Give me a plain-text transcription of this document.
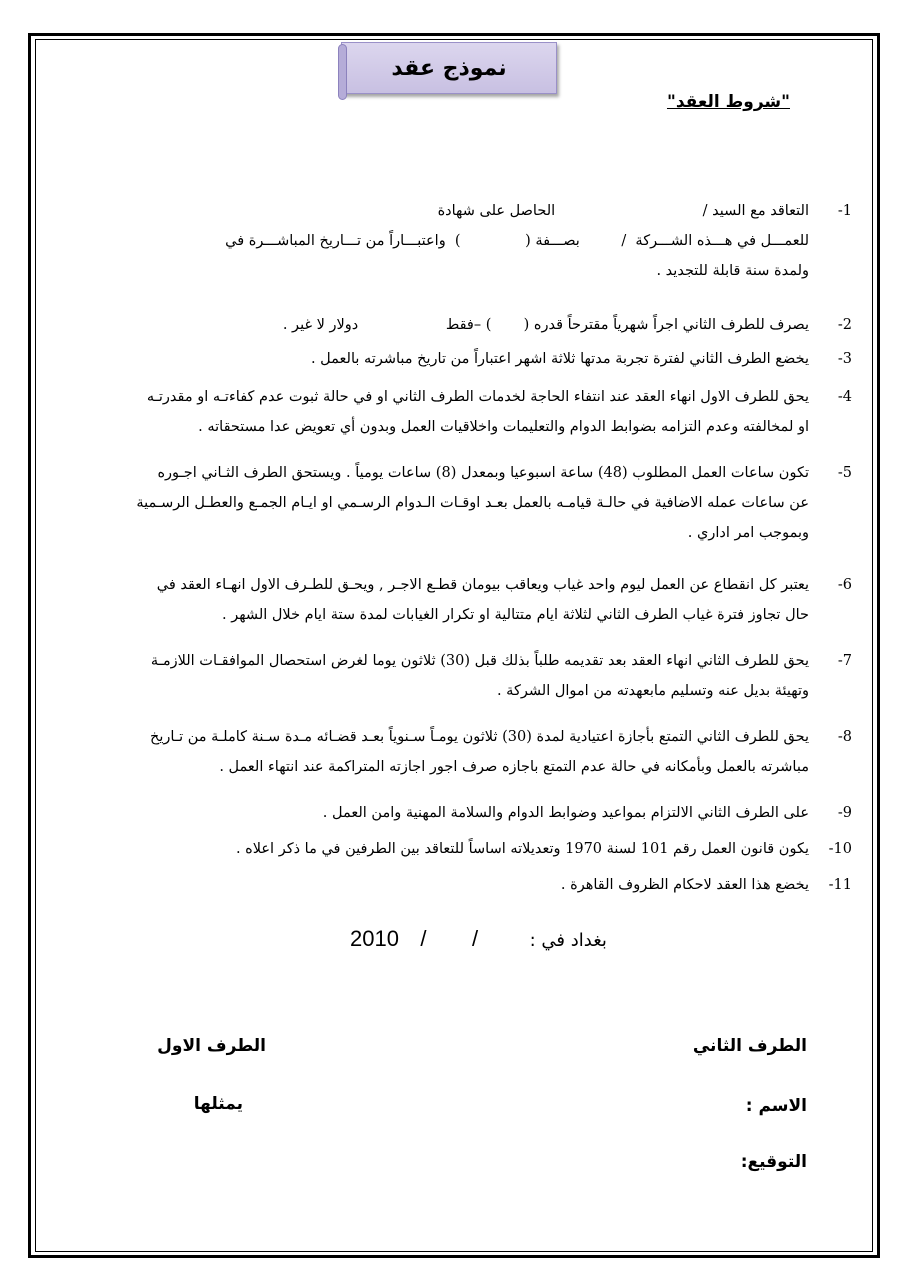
نموذج عقد
"شروط العقد"
-1
التعاقد مع السيد /                                الحاصل على شهادة
للعمـــل في هـــذه الشـــركة  /         بصـــفة (              )  واعتبـــاراً من تـــاريخ المباشـــرة في
ولمدة سنة قابلة للتجديد .
-2
يصرف للطرف الثاني اجراً شهرياً مقترحاً قدره (       ) –فقط                   دولار لا غير .
-3
يخضع الطرف الثاني لفترة تجربة مدتها ثلاثة اشهر اعتباراً من تاريخ مباشرته بالعمل .
-4
يحق للطرف الاول انهاء العقد عند انتفاء الحاجة لخدمات الطرف الثاني او في حالة ثبوت عدم كفاءتـه او مقدرتـه
او لمخالفته وعدم التزامه بضوابط الدوام والتعليمات واخلاقيات العمل وبدون أي تعويض عدا مستحقاته .
-5
تكون ساعات العمل المطلوب (48) ساعة اسبوعيا وبمعدل (8) ساعات يومياً . ويستحق الطرف الثـاني اجـوره
عن ساعات عمله الاضافية في حالـة قيامـه بالعمل بعـد اوقـات الـدوام الرسـمي او ايـام الجمـع والعطـل الرسـمية
وبموجب امر اداري .
-6
يعتبر كل انقطاع عن العمل ليوم واحد غياب ويعاقب بيومان قطـع الاجـر , ويحـق للطـرف الاول انهـاء العقد في
حال تجاوز فترة غياب الطرف الثاني لثلاثة ايام متتالية او تكرار الغيابات لمدة ستة ايام خلال الشهر .
-7
يحق للطرف الثاني انهاء العقد بعد تقديمه طلباً بذلك قبل (30) ثلاثون يوما لغرض استحصال الموافقـات اللازمـة
وتهيئة بديل عنه وتسليم مابعهدته من اموال الشركة .
-8
يحق للطرف الثاني التمتع بأجازة اعتيادية لمدة (30) ثلاثون يومـاً سـنوياً بعـد قضـائه مـدة سـنة كاملـة من تـاريخ
مباشرته بالعمل وبأمكانه في حالة عدم التمتع باجازه صرف اجور اجازته المتراكمة عند انتهاء العمل .
-9
على الطرف الثاني الالتزام بمواعيد وضوابط الدوام والسلامة المهنية وامن العمل .
-10
يكون قانون العمل رقم 101 لسنة 1970 وتعديلاته اساساً للتعاقد بين الطرفين في ما ذكر اعلاه .
-11
يخضع هذا العقد لاحكام الظروف القاهرة .
بغداد في :  /  /  2010
الطرف الثاني
الطرف الاول
الاسم :
يمثلها
التوقيع:
